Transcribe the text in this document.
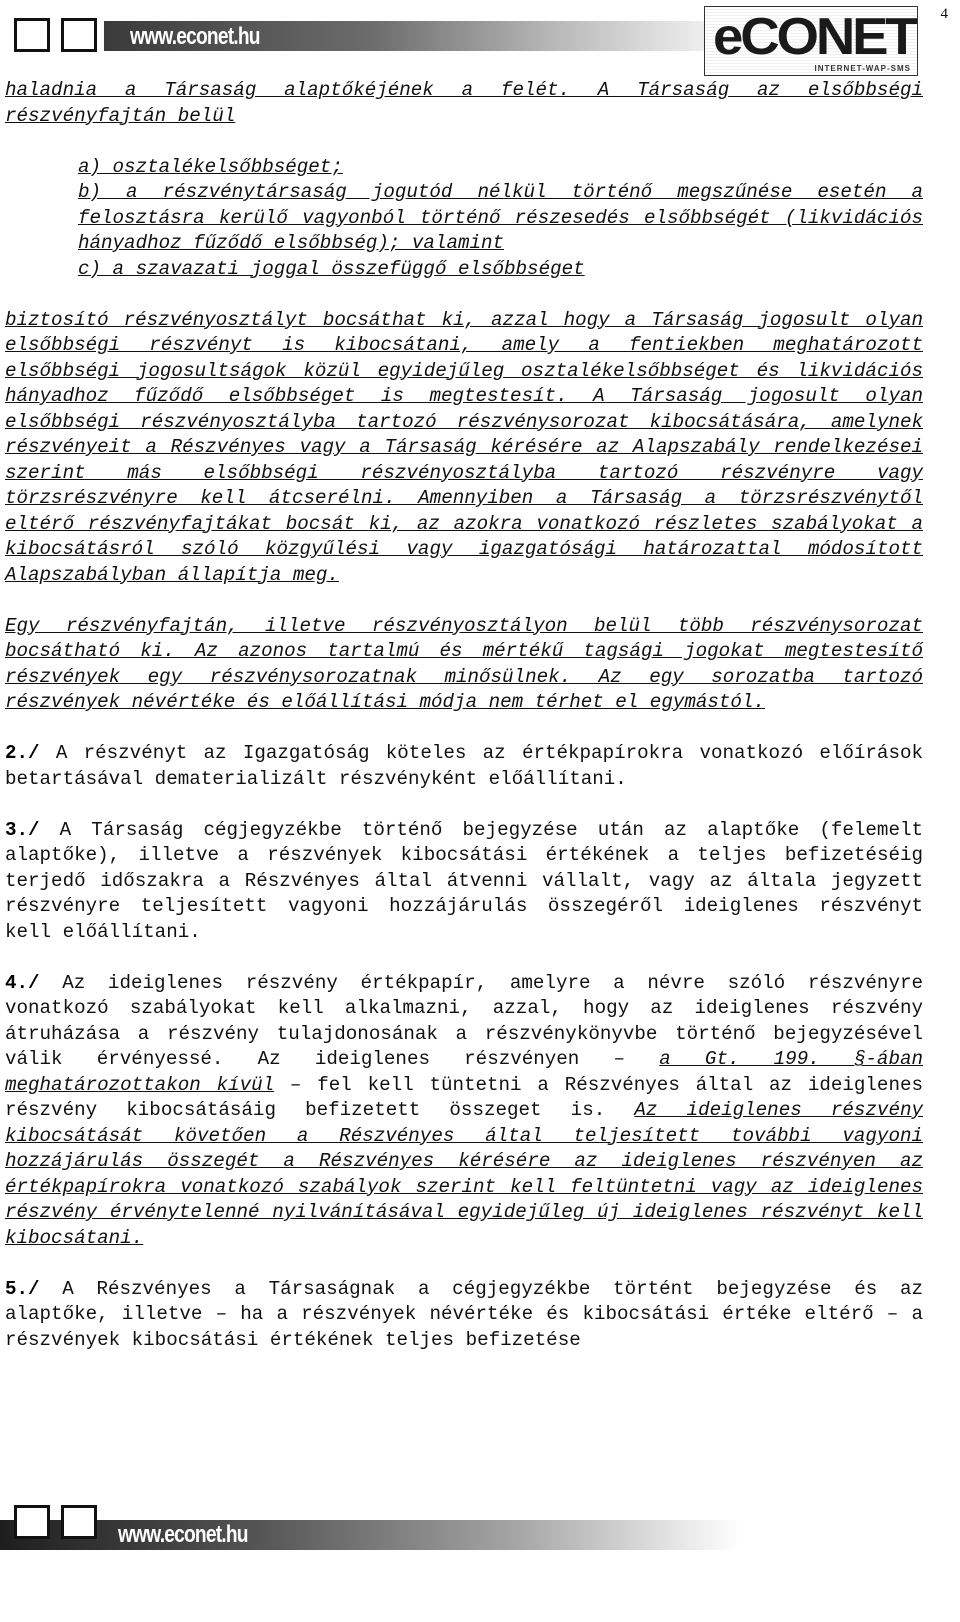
www.econet.hu	eCONET
INTERNET-WAP-SMS
4

haladnia a Társaság alaptőkéjének a felét. A Társaság az elsőbbségi részvényfajtán belül

a) osztalékelsőbbséget;
b) a részvénytársaság jogutód nélkül történő megszűnése esetén a felosztásra kerülő vagyonból történő részesedés elsőbbségét (likvidációs hányadhoz fűződő elsőbbség); valamint
c) a szavazati joggal összefüggő elsőbbséget

biztosító részvényosztályt bocsáthat ki, azzal hogy a Társaság jogosult olyan elsőbbségi részvényt is kibocsátani, amely a fentiekben meghatározott elsőbbségi jogosultságok közül egyidejűleg osztalékelsőbbséget és likvidációs hányadhoz fűződő elsőbbséget is megtestesít. A Társaság jogosult olyan elsőbbségi részvényosztályba tartozó részvénysorozat kibocsátására, amelynek részvényeit a Részvényes vagy a Társaság kérésére az Alapszabály rendelkezései szerint más elsőbbségi részvényosztályba tartozó részvényre vagy törzsrészvényre kell átcserélni. Amennyiben a Társaság a törzsrészvénytől eltérő részvényfajtákat bocsát ki, az azokra vonatkozó részletes szabályokat a kibocsátásról szóló közgyűlési vagy igazgatósági határozattal módosított Alapszabályban állapítja meg.

Egy részvényfajtán, illetve részvényosztályon belül több részvénysorozat bocsátható ki. Az azonos tartalmú és mértékű tagsági jogokat megtestesítő részvények egy részvénysorozatnak minősülnek. Az egy sorozatba tartozó részvények névértéke és előállítási módja nem térhet el egymástól.

2./ A részvényt az Igazgatóság köteles az értékpapírokra vonatkozó előírások betartásával dematerializált részvényként előállítani.

3./ A Társaság cégjegyzékbe történő bejegyzése után az alaptőke (felemelt alaptőke), illetve a részvények kibocsátási értékének a teljes befizetéséig terjedő időszakra a Részvényes által átvenni vállalt, vagy az általa jegyzett részvényre teljesített vagyoni hozzájárulás összegéről ideiglenes részvényt kell előállítani.

4./ Az ideiglenes részvény értékpapír, amelyre a névre szóló részvényre vonatkozó szabályokat kell alkalmazni, azzal, hogy az ideiglenes részvény átruházása a részvény tulajdonosának a részvénykönyvbe történő bejegyzésével válik érvényessé. Az ideiglenes részvényen – a Gt. 199. §-ában meghatározottakon kívül – fel kell tüntetni a Részvényes által az ideiglenes részvény kibocsátásáig befizetett összeget is. Az ideiglenes részvény kibocsátását követően a Részvényes által teljesített további vagyoni hozzájárulás összegét a Részvényes kérésére az ideiglenes részvényen az értékpapírokra vonatkozó szabályok szerint kell feltüntetni vagy az ideiglenes részvény érvénytelenné nyilvánításával egyidejűleg új ideiglenes részvényt kell kibocsátani.

5./ A Részvényes a Társaságnak a cégjegyzékbe történt bejegyzése és az alaptőke, illetve – ha a részvények névértéke és kibocsátási értéke eltérő – a részvények kibocsátási értékének teljes befizetése

www.econet.hu
